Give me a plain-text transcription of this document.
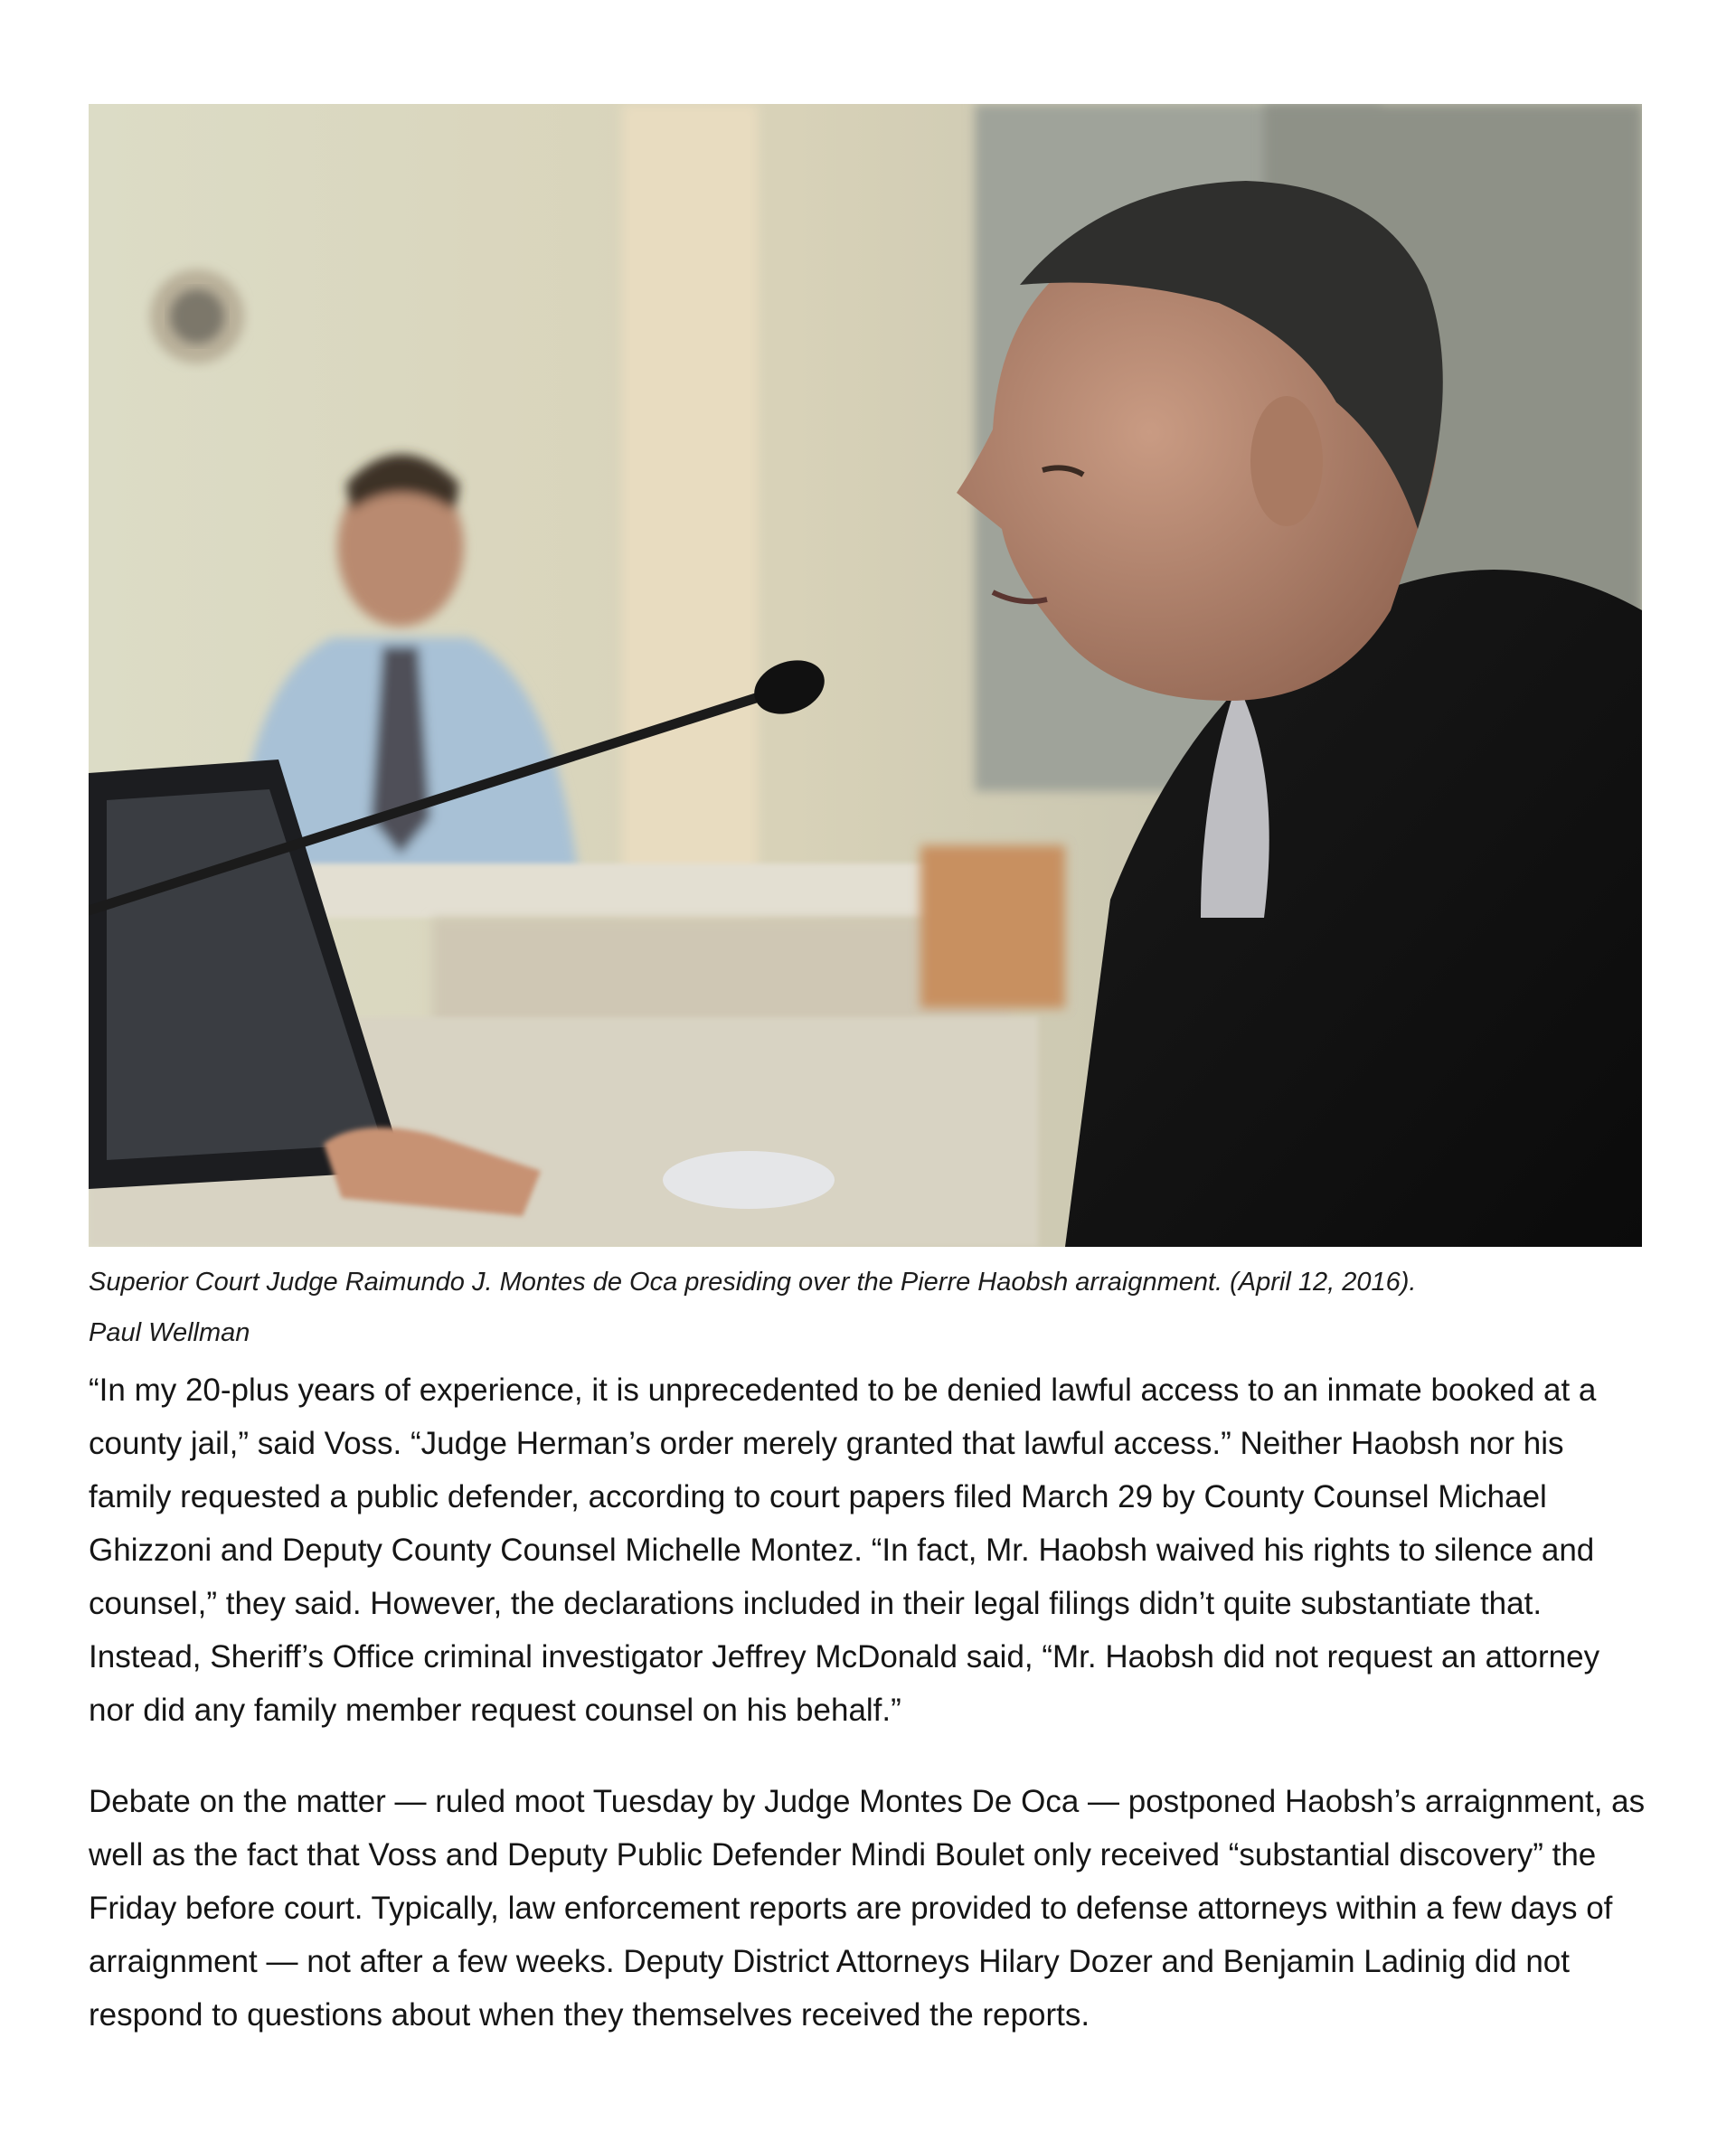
Superior Court Judge Raimundo J. Montes de Oca presiding over the Pierre Haobsh arraignment. (April 12, 2016).

Paul Wellman

“In my 20-plus years of experience, it is unprecedented to be denied lawful access to an inmate booked at a county jail,” said Voss. “Judge Herman’s order merely granted that lawful access.” Neither Haobsh nor his family requested a public defender, according to court papers filed March 29 by County Counsel Michael Ghizzoni and Deputy County Counsel Michelle Montez. “In fact, Mr. Haobsh waived his rights to silence and counsel,” they said. However, the declarations included in their legal filings didn’t quite substantiate that. Instead, Sheriff’s Office criminal investigator Jeffrey McDonald said, “Mr. Haobsh did not request an attorney nor did any family member request counsel on his behalf.”

Debate on the matter — ruled moot Tuesday by Judge Montes De Oca — postponed Haobsh’s arraignment, as well as the fact that Voss and Deputy Public Defender Mindi Boulet only received “substantial discovery” the Friday before court. Typically, law enforcement reports are provided to defense attorneys within a few days of arraignment — not after a few weeks. Deputy District Attorneys Hilary Dozer and Benjamin Ladinig did not respond to questions about when they themselves received the reports.
